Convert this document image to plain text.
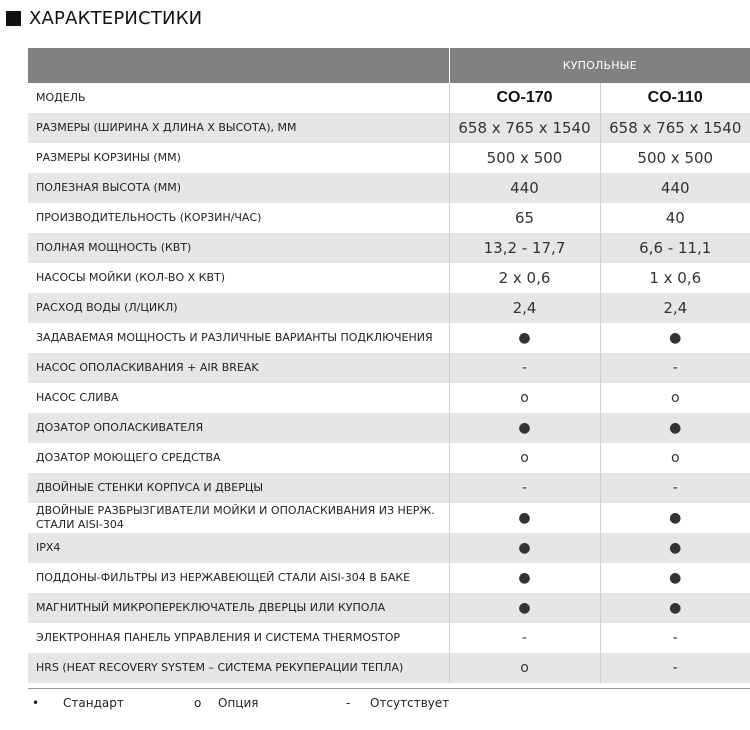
ХАРАКТЕРИСТИКИ
	КУПОЛЬНЫЕ	
МОДЕЛЬ	CO-170	CO-110
РАЗМЕРЫ (ШИРИНА Х ДЛИНА Х ВЫСОТА), ММ	658 x 765 x 1540	658 x 765 x 1540
РАЗМЕРЫ КОРЗИНЫ (ММ)	500 x 500	500 x 500
ПОЛЕЗНАЯ ВЫСОТА (ММ)	440	440
ПРОИЗВОДИТЕЛЬНОСТЬ (КОРЗИН/ЧАС)	65	40
ПОЛНАЯ МОЩНОСТЬ (КВТ)	13,2 - 17,7	6,6 - 11,1
НАСОСЫ МОЙКИ (КОЛ-ВО Х КВТ)	2 x 0,6	1 x 0,6
РАСХОД ВОДЫ (Л/ЦИКЛ)	2,4	2,4
ЗАДАВАЕМАЯ МОЩНОСТЬ И РАЗЛИЧНЫЕ ВАРИАНТЫ ПОДКЛЮЧЕНИЯ	●	●
НАСОС ОПОЛАСКИВАНИЯ + AIR BREAK	-	-
НАСОС СЛИВА	o	o
ДОЗАТОР ОПОЛАСКИВАТЕЛЯ	●	●
ДОЗАТОР МОЮЩЕГО СРЕДСТВА	o	o
ДВОЙНЫЕ СТЕНКИ КОРПУСА И ДВЕРЦЫ	-	-
ДВОЙНЫЕ РАЗБРЫЗГИВАТЕЛИ МОЙКИ И ОПОЛАСКИВАНИЯ ИЗ НЕРЖ. СТАЛИ AISI-304	●	●
IPX4	●	●
ПОДДОНЫ-ФИЛЬТРЫ ИЗ НЕРЖАВЕЮЩЕЙ СТАЛИ AISI-304 В БАКЕ	●	●
МАГНИТНЫЙ МИКРОПЕРЕКЛЮЧАТЕЛЬ ДВЕРЦЫ ИЛИ КУПОЛА	●	●
ЭЛЕКТРОННАЯ ПАНЕЛЬ УПРАВЛЕНИЯ И СИСТЕМА THERMOSTOP	-	-
HRS (HEAT RECOVERY SYSTEM – СИСТЕМА РЕКУПЕРАЦИИ ТЕПЛА)	o	-
• Стандарт	o Опция	- Отсутствует
